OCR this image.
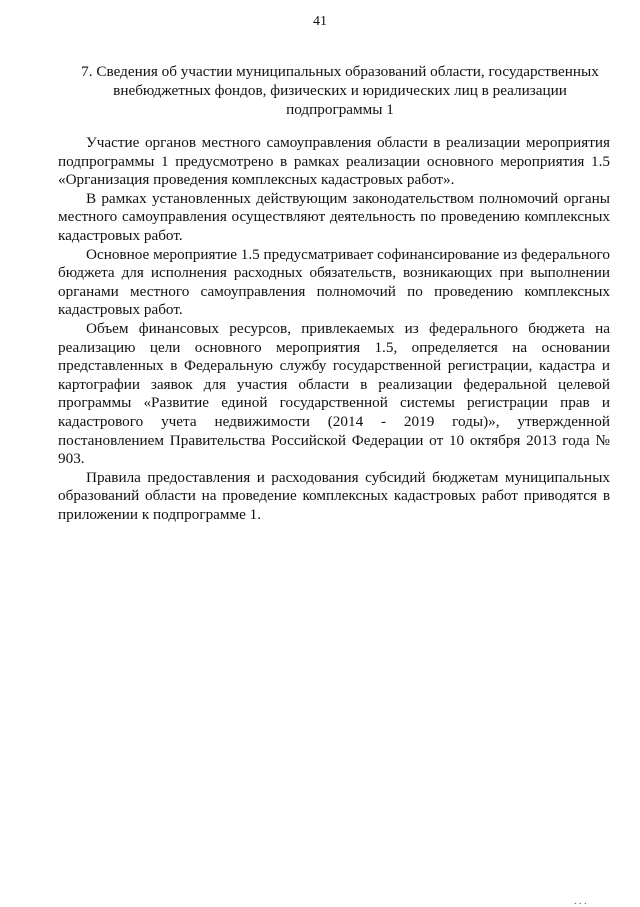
41
7. Сведения об участии муниципальных образований области, государственных внебюджетных фондов, физических и юридических лиц в реализации подпрограммы 1

Участие органов местного самоуправления области в реализации мероприятия подпрограммы 1 предусмотрено в рамках реализации основного мероприятия 1.5 «Организация проведения комплексных кадастровых работ».

В рамках установленных действующим законодательством полномочий органы местного самоуправления осуществляют деятельность по проведению комплексных кадастровых работ.

Основное мероприятие 1.5 предусматривает софинансирование из федерального бюджета для исполнения расходных обязательств, возникающих при выполнении органами местного самоуправления полномочий по проведению комплексных кадастровых работ.

Объем финансовых ресурсов, привлекаемых из федерального бюджета на реализацию цели основного мероприятия 1.5, определяется на основании представленных в Федеральную службу государственной регистрации, кадастра и картографии заявок для участия области в реализации федеральной целевой программы «Развитие единой государственной системы регистрации прав и кадастрового учета недвижимости (2014 - 2019 годы)», утвержденной постановлением Правительства Российской Федерации от 10 октября 2013 года № 903.

Правила предоставления и расходования субсидий бюджетам муниципальных образований области на проведение комплексных кадастровых работ приводятся в приложении к подпрограмме 1.

. . .
